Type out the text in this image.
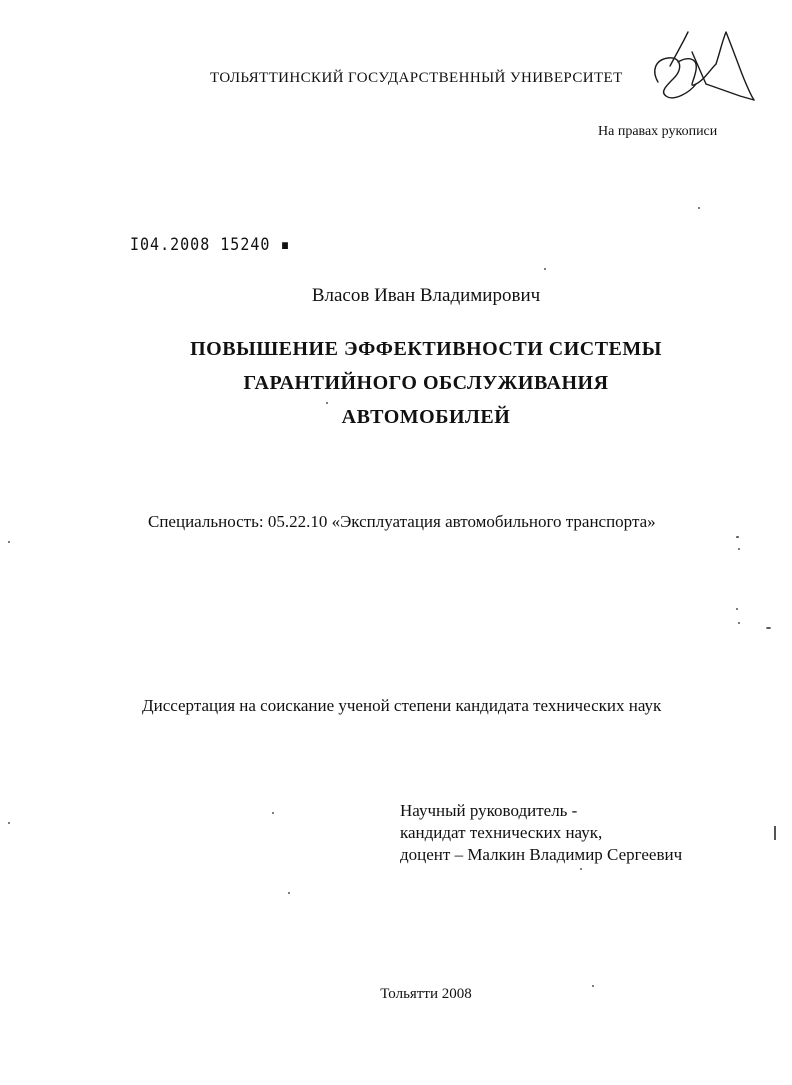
ТОЛЬЯТТИНСКИЙ ГОСУДАРСТВЕННЫЙ УНИВЕРСИТЕТ
На правах рукописи
Ι04.2008 15240 ▪
Власов Иван Владимирович
ПОВЫШЕНИЕ ЭФФЕКТИВНОСТИ СИСТЕМЫ
ГАРАНТИЙНОГО ОБСЛУЖИВАНИЯ
АВТОМОБИЛЕЙ
Специальность: 05.22.10 «Эксплуатация автомобильного транспорта»
Диссертация на соискание ученой степени кандидата технических наук
Научный руководитель -
кандидат технических наук,
доцент – Малкин Владимир Сергеевич
Тольятти 2008
